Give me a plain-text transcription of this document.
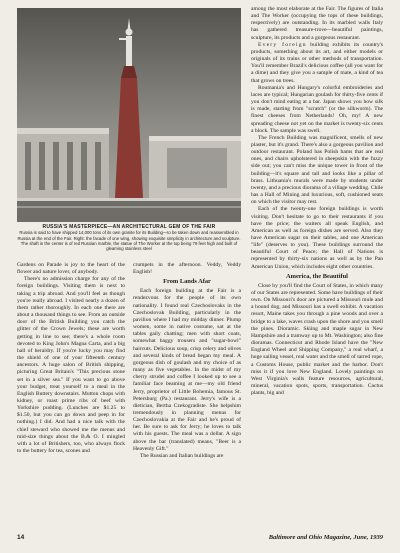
RUSSIA'S MASTERPIECE—AN ARCHITECTURAL GEM OF THE FAIR
Russia is said to have shipped 14,000 tons of its own granite for its Building—to be taken down and reassembled in Russia at the end of the Fair. Right: the facade of one wing, showing exquisite simplicity in architecture and sculpture. The shaft in the center is of red Russian marble, the statue of The Worker at the top being 79 feet high and built of gleaming stainless steel

Gardens on Parade is joy to the heart of the flower and nature lover, of anybody.

There's no admission charge for any of the foreign buildings. Visiting them is next to taking a trip abroad. And you'll feel as though you're really abroad. I visited nearly a dozen of them rather thoroughly. In each one there are about a thousand things to see. From an outside door of the British Building you catch the glitter of the Crown Jewels; these are worth getting in line to see; there's a whole room devoted to King John's Magna Carta, and a big hall of heraldry. If you're lucky you may find the shield of one of your fifteenth century ancestors. A huge salon of British shipping, picturing Great Britain's "This precious stone set in a silver sea." If you want to go above your budget, treat yourself to a meal in the English Buttery downstairs. Mutton chops with kidney, or roast prime ribs of beef with Yorkshire pudding. (Lunches are $1.25 to $1.50, but you can go down and peep in for nothing.) I did. And had a nice talk with the chief steward who showed me the menus and mid-size things about the B.& O. I mingled with a lot of Britishers, too, who always flock to the buttery for tea, scones and

crumpets in the afternoon. Veddy, Veddy English!

From Lands Afar

Each foreign building at the Fair is a rendezvous for the people of its own nationality. I found real Czechoslovaks in the Czechoslovak Building, particularly in the pavilion where I had my midday dinner. Plump women, some in native costume, sat at the tables gaily chatting; men with short coats, somewhat baggy trousers and "sugar-bowl" haircuts. Delicious soup, crisp celery and olives and several kinds of bread began my meal. A gorgeous dish of goulash and my choice of as many as five vegetables. In the midst of my cherry strudel and coffee I looked up to see a familiar face beaming at me—my old friend Jerry, proprietor of Little Bohemia, famous St. Petersburg (Pa.) restaurant. Jerry's wife is a dietician, Bertha Czekogradiste. She helpshim tremendously in planning menus for Czechoslovakia at the Fair and he's proud of her. Be sure to ask for Jerry; he loves to talk with his guests. The meal was a dollar. A sign above the bar (translated) means, "Beer is a Heavenly Gift."

The Russian and Italian buildings are

among the most elaborate at the Fair. The figures of Italia and The Worker (occupying the tops of these buildings, respectively) are outstanding. In its marbled walls Italy has gathered treasure-trove—beautiful paintings, sculpture, its products and a gorgeous restaurant.

Every foreign building exhibits its country's products, something about its art, and either models or originals of its trains or other methods of transportation. You'll remember Brazil's delicious coffee (all you want for a dime) and they give you a sample of mate, a kind of tea that grows on trees.

Roumania's and Hungary's colorful embroideries and laces are typical; Hungarian goulash for thirty-five cents if you don't mind eating at a bar. Japan shows you how silk is made, starting from "scratch" (or the silkworm). The finest cheeses from Netherlands! Oh, my! A new spreading cheese not yet on the market is twenty-six cents a block. The sample was swell.

The French Building was magnificent, smells of new plaster, but it's grand. There's also a gorgeous pavilion and outdoor restaurant. Poland has Polish hams that are real ones, and chairs upholstered in sheepskin with the fuzzy side out; you can't miss the unique tower in front of the building—it's square and tall and looks like a pillar of brass. Lithuania's murals were made by students under twenty, and a precious diorama of a village wedding. Chile has a Hall of Mining and luxurious, soft, cushioned seats on which the visitor may rest.

Each of the twenty-one foreign buildings is worth visiting. Don't hesitate to go to their restaurants if you have the price; the waiters all speak English, and American as well as foreign dishes are served. Also they have American sugar on their tables, and one American "life" (deserves to you). These buildings surround the beautiful Court of Peace; the Hall of Nations is represented by thirty-six nations as well as by the Pan American Union, which includes eight other countries.

America, the Beautiful

Close by you'll find the Court of States, in which many of our States are represented. Some have buildings of their own. On Missouri's door are pictured a Missouri mule and a hound dog, and Missouri has a swell exhibit. A vacation resort, Maine takes you through a pine woods and over a bridge to a lake, waves crash upon the shore and you smell the pines. Dioramic. Skiing and maple sugar in New Hampshire and a tramway up to Mt. Washington; also fine dioramas. Connecticut and Rhode Island have the "New England Wheel and Shipping Company," a real wharf, a huge sailing vessel, real water and the smell of tarred rope, a Customs House, public market and the harbor. Don't miss it if you love New England. Lovely paintings on West Virginia's walls feature resources, agricultural, mineral, vacation spots, sports, transportation. Cactus plants, big and

14	Baltimore and Ohio Magazine, June, 1939
